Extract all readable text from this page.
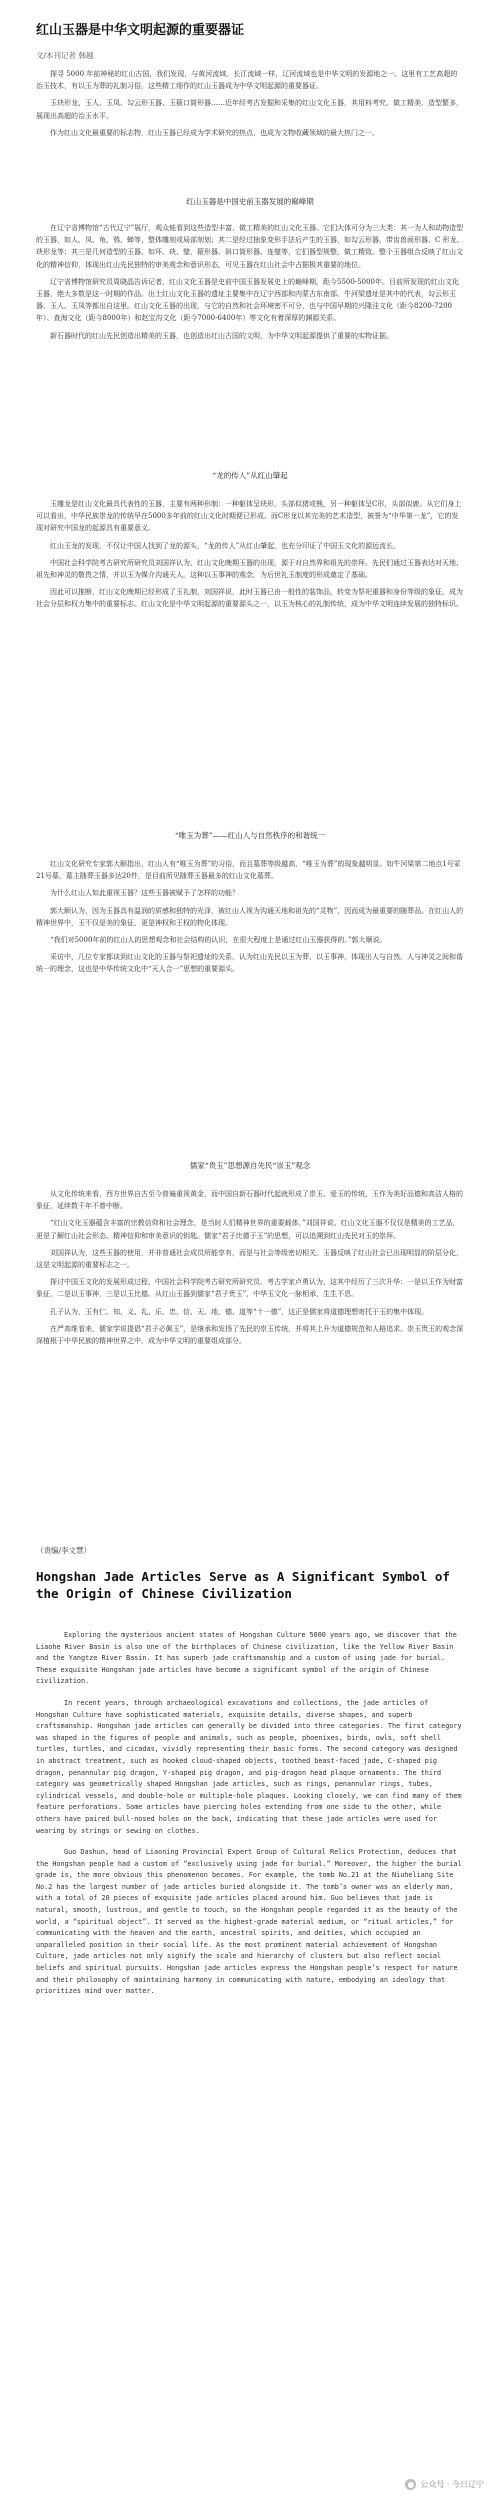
红山玉器是中华文明起源的重要器证
文/本刊记者 韩越

探寻 5000 年前神秘的红山古国，我们发现，与黄河流域、长江流域一样，辽河流域也是中华文明的发源地之一。这里有工艺高超的治玉技术，有以玉为葬的礼制习俗，这些精工细作的红山玉器成为中华文明起源的重要器证。

玉玦形龙、玉人、玉凤、勾云形玉器、玉箍口筒形器……近年经考古发掘和采集的红山文化玉器，其用料考究、做工精美、造型繁多，展现出高超的治玉水平。

作为红山文化最重要的标志物，红山玉器已经成为学术研究的热点，也成为文物收藏领域的最大热门之一。

红山玉器是中国史前玉器发展的巅峰期

在辽宁省博物馆“古代辽宁”展厅，观众能看到这些造型丰富、做工精美的红山文化玉器。它们大体可分为三大类：其一为人和动物造型的玉器，如人、凤、龟、鸮、蝉等，整体雕刻或局部刻划；其二是经过抽象变形手法后产生的玉器，如勾云形器、带齿兽面形器、C 形龙、玦形龙等；其三是几何造型的玉器，如环、玦、璧、箍形器、斜口筒形器、连璧等，它们器型规整，做工精致。整个玉器组合反映了红山文化的精神信仰，体现出红山先民独特的审美观念和意识形态，可见玉器在红山社会中占据极其重要的地位。

辽宁省博物馆研究员周晓晶告诉记者，红山文化玉器是史前中国玉器发展史上的巅峰期，距今5500-5000年。目前所发现的红山文化玉器，绝大多数是这一时期的作品。出土红山文化玉器的遗址主要集中在辽宁西部和内蒙古东南部。牛河梁遗址是其中的代表，勾云形玉器、玉人、玉凤等都出自这里。红山文化玉器的出现，与它的自然和社会环境密不可分，也与中国早期的兴隆洼文化（距今8200-7200年）、查海文化（距今8000年）和赵宝沟文化（距今7000-6400年）等文化有着深厚的渊源关系。

新石器时代的红山先民创造出精美的玉器，也创造出红山古国的文明，为中华文明起源提供了重要的实物证据。

“龙的传人”从红山肇起

玉雕龙是红山文化最具代表性的玉器，主要有两种形制：一种躯体呈玦形，头部似猪或熊，另一种躯体呈C形，头部似鹿。从它们身上可以看出，中华民族崇龙的传统早在5000多年前的红山文化时期便已形成。而C形龙以其完美的艺术造型，被誉为“中华第一龙”，它的发现对研究中国龙的起源具有重要意义。

红山玉龙的发现，不仅让中国人找到了龙的源头，“龙的传人”从红山肇起，也充分印证了中国玉文化的源远流长。

中国社会科学院考古研究所研究员刘国祥认为，红山文化晚期玉器的出现，源于对自然界和祖先的崇拜。先民们通过玉器表达对天地、祖先和神灵的敬畏之情，并以玉为媒介沟通天人。这种以玉事神的观念，为后世礼玉制度的形成奠定了基础。

因此可以推断，红山文化晚期已经形成了玉礼制，刘国祥说，此时玉器已由一般性的装饰品，转变为祭祀重器和身份等级的象征，成为社会分层和权力集中的重要标志。红山文化是中华文明起源的重要源头之一，以玉为核心的礼制传统，成为中华文明连续发展的独特标识。

“唯玉为葬”——红山人与自然秩序的和谐统一

红山文化研究专家郭大顺指出，红山人有“唯玉为葬”的习俗，而且墓葬等级越高，“唯玉为葬”的现象越明显。如牛河梁第二地点1号冢21号墓，墓主随葬玉器多达20件，是目前所见随葬玉器最多的红山文化墓葬。

为什么红山人如此重视玉器？这些玉器被赋予了怎样的功能？

郭大顺认为，因为玉器具有温润的质感和独特的光泽，被红山人视为沟通天地和祖先的“灵物”，因而成为最重要的随葬品。在红山人的精神世界中，玉不仅是美的象征，更是神权和王权的物化体现。

“我们对5000年前的红山人的思想观念和社会结构的认识，在很大程度上是通过红山玉器获得的。”郭大顺说。

采访中，几位专家都谈到红山文化的玉器与祭祀遗址的关系，认为红山先民以玉为葬、以玉事神，体现出人与自然、人与神灵之间和谐统一的理念，这也是中华传统文化中“天人合一”思想的重要源头。

儒家“贵玉”思想源自先民“崇玉”观念

从文化传统来看，西方世界自古至今普遍重视黄金，而中国自新石器时代起就形成了崇玉、爱玉的传统，玉作为美好品德和高洁人格的象征，延续数千年不曾中断。

“红山文化玉器蕴含丰富的宗教信仰和社会理念，是当时人们精神世界的重要载体，”刘国祥说。红山文化玉器不仅仅是精美的工艺品，更是了解红山社会形态、精神信仰和审美意识的钥匙。儒家“君子比德于玉”的思想，可以追溯到红山先民对玉的崇拜。

刘国祥认为，这些玉器的使用，并非普通社会成员所能享有，而是与社会等级密切相关。玉器反映了红山社会已出现明显的阶层分化，这是文明起源的重要标志之一。

探讨中国玉文化的发展形成过程，中国社会科学院考古研究所研究员、考古学家卢勇认为，这其中经历了三次升华：一是以玉作为财富象征，二是以玉事神，三是以玉比德。从红山玉器到儒家“君子贵玉”，中华玉文化一脉相承，生生不息。

孔子认为，玉有仁、知、义、礼、乐、忠、信、天、地、德、道等“十一德”，这正是儒家将道德理想寄托于玉的集中体现。

在严高维看来，儒家学说提倡“君子必佩玉”，是继承和发扬了先民的崇玉传统，并将其上升为道德规范和人格追求。崇玉贵玉的观念深深植根于中华民族的精神世界之中，成为中华文明的重要组成部分。

（责编/李文慧）
Hongshan Jade Articles Serve as A Significant Symbol of the Origin of Chinese Civilization

Exploring the mysterious ancient states of Hongshan Culture 5000 years ago, we discover that the Liaohe River Basin is also one of the birthplaces of Chinese civilization, like the Yellow River Basin and the Yangtze River Basin. It has superb jade craftsmanship and a custom of using jade for burial. These exquisite Hongshan jade articles have become a significant symbol of the origin of Chinese civilization.

In recent years, through archaeological excavations and collections, the jade articles of Hongshan Culture have sophisticated materials, exquisite details, diverse shapes, and superb craftsmanship. Hongshan jade articles can generally be divided into three categories. The first category was shaped in the figures of people and animals, such as people, phoenixes, birds, owls, soft shell turtles, turtles, and cicadas, vividly representing their basic forms. The second category was designed in abstract treatment, such as hooked cloud-shaped objects, toothed beast-faced jade, C-shaped pig dragon, penannular pig dragon, Y-shaped pig dragon, and pig-dragon head plaque ornaments. The third category was geometrically shaped Hongshan jade articles, such as rings, penannular rings, tubes, cylindrical vessels, and double-hole or multiple-hole plaques. Looking closely, we can find many of them feature perforations. Some articles have piercing holes extending from one side to the other, while others have paired bull-nosed holes on the back, indicating that these jade articles were used for wearing by strings or sewing on clothes.

Guo Dashun, head of Liaoning Provincial Expert Group of Cultural Relics Protection, deduces that the Hongshan people had a custom of “exclusively using jade for burial.” Moreover, the higher the burial grade is, the more obvious this phenomenon becomes. For example, the tomb No.21 at the Niuheliang Site No.2 has the largest number of jade articles buried alongside it. The tomb’s owner was an elderly man, with a total of 20 pieces of exquisite jade articles placed around him. Guo believes that jade is natural, smooth, lustrous, and gentle to touch, so the Hongshan people regarded it as the beauty of the world, a “spiritual object”. It served as the highest-grade material medium, or “ritual articles,” for communicating with the heaven and the earth, ancestral spirits, and deities, which occupied an unparalleled position in their social life. As the most prominent material achievement of Hongshan Culture, jade articles not only signify the scale and hierarchy of clusters but also reflect social beliefs and spiritual pursuits. Hongshan jade articles express the Hongshan people’s respect for nature and their philosophy of maintaining harmony in communicating with nature, embodying an ideology that prioritizes mind over matter.

● 公众号 · 今日辽宁
